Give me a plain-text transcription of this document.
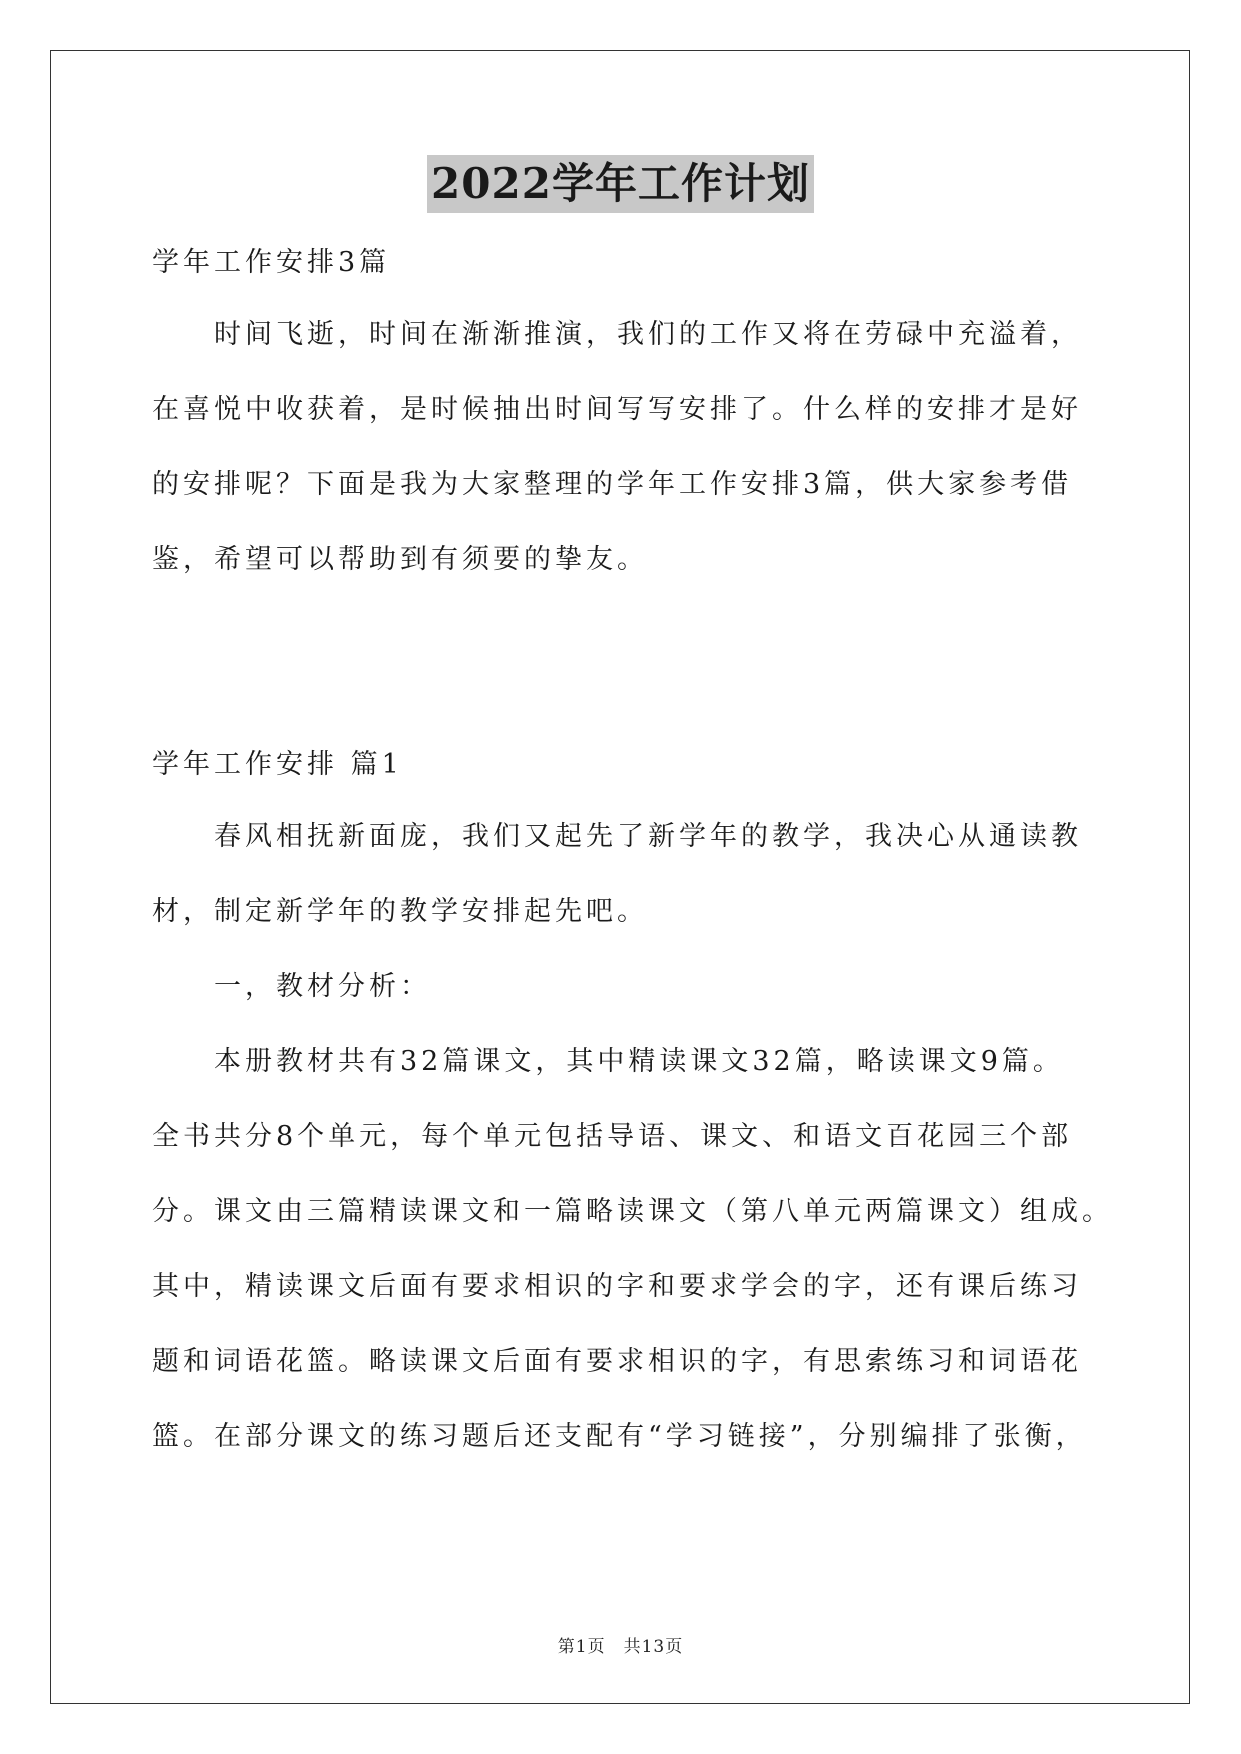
2022学年工作计划
学年工作安排3篇
时间飞逝，时间在渐渐推演，我们的工作又将在劳碌中充溢着，
在喜悦中收获着，是时候抽出时间写写安排了。什么样的安排才是好
的安排呢？下面是我为大家整理的学年工作安排3篇，供大家参考借
鉴，希望可以帮助到有须要的挚友。
学年工作安排 篇1
春风相抚新面庞，我们又起先了新学年的教学，我决心从通读教
材，制定新学年的教学安排起先吧。
一，教材分析：
本册教材共有32篇课文，其中精读课文32篇，略读课文9篇。
全书共分8个单元，每个单元包括导语、课文、和语文百花园三个部
分。课文由三篇精读课文和一篇略读课文（第八单元两篇课文）组成。
其中，精读课文后面有要求相识的字和要求学会的字，还有课后练习
题和词语花篮。略读课文后面有要求相识的字，有思索练习和词语花
篮。在部分课文的练习题后还支配有“学习链接”，分别编排了张衡，
第1页 共13页
